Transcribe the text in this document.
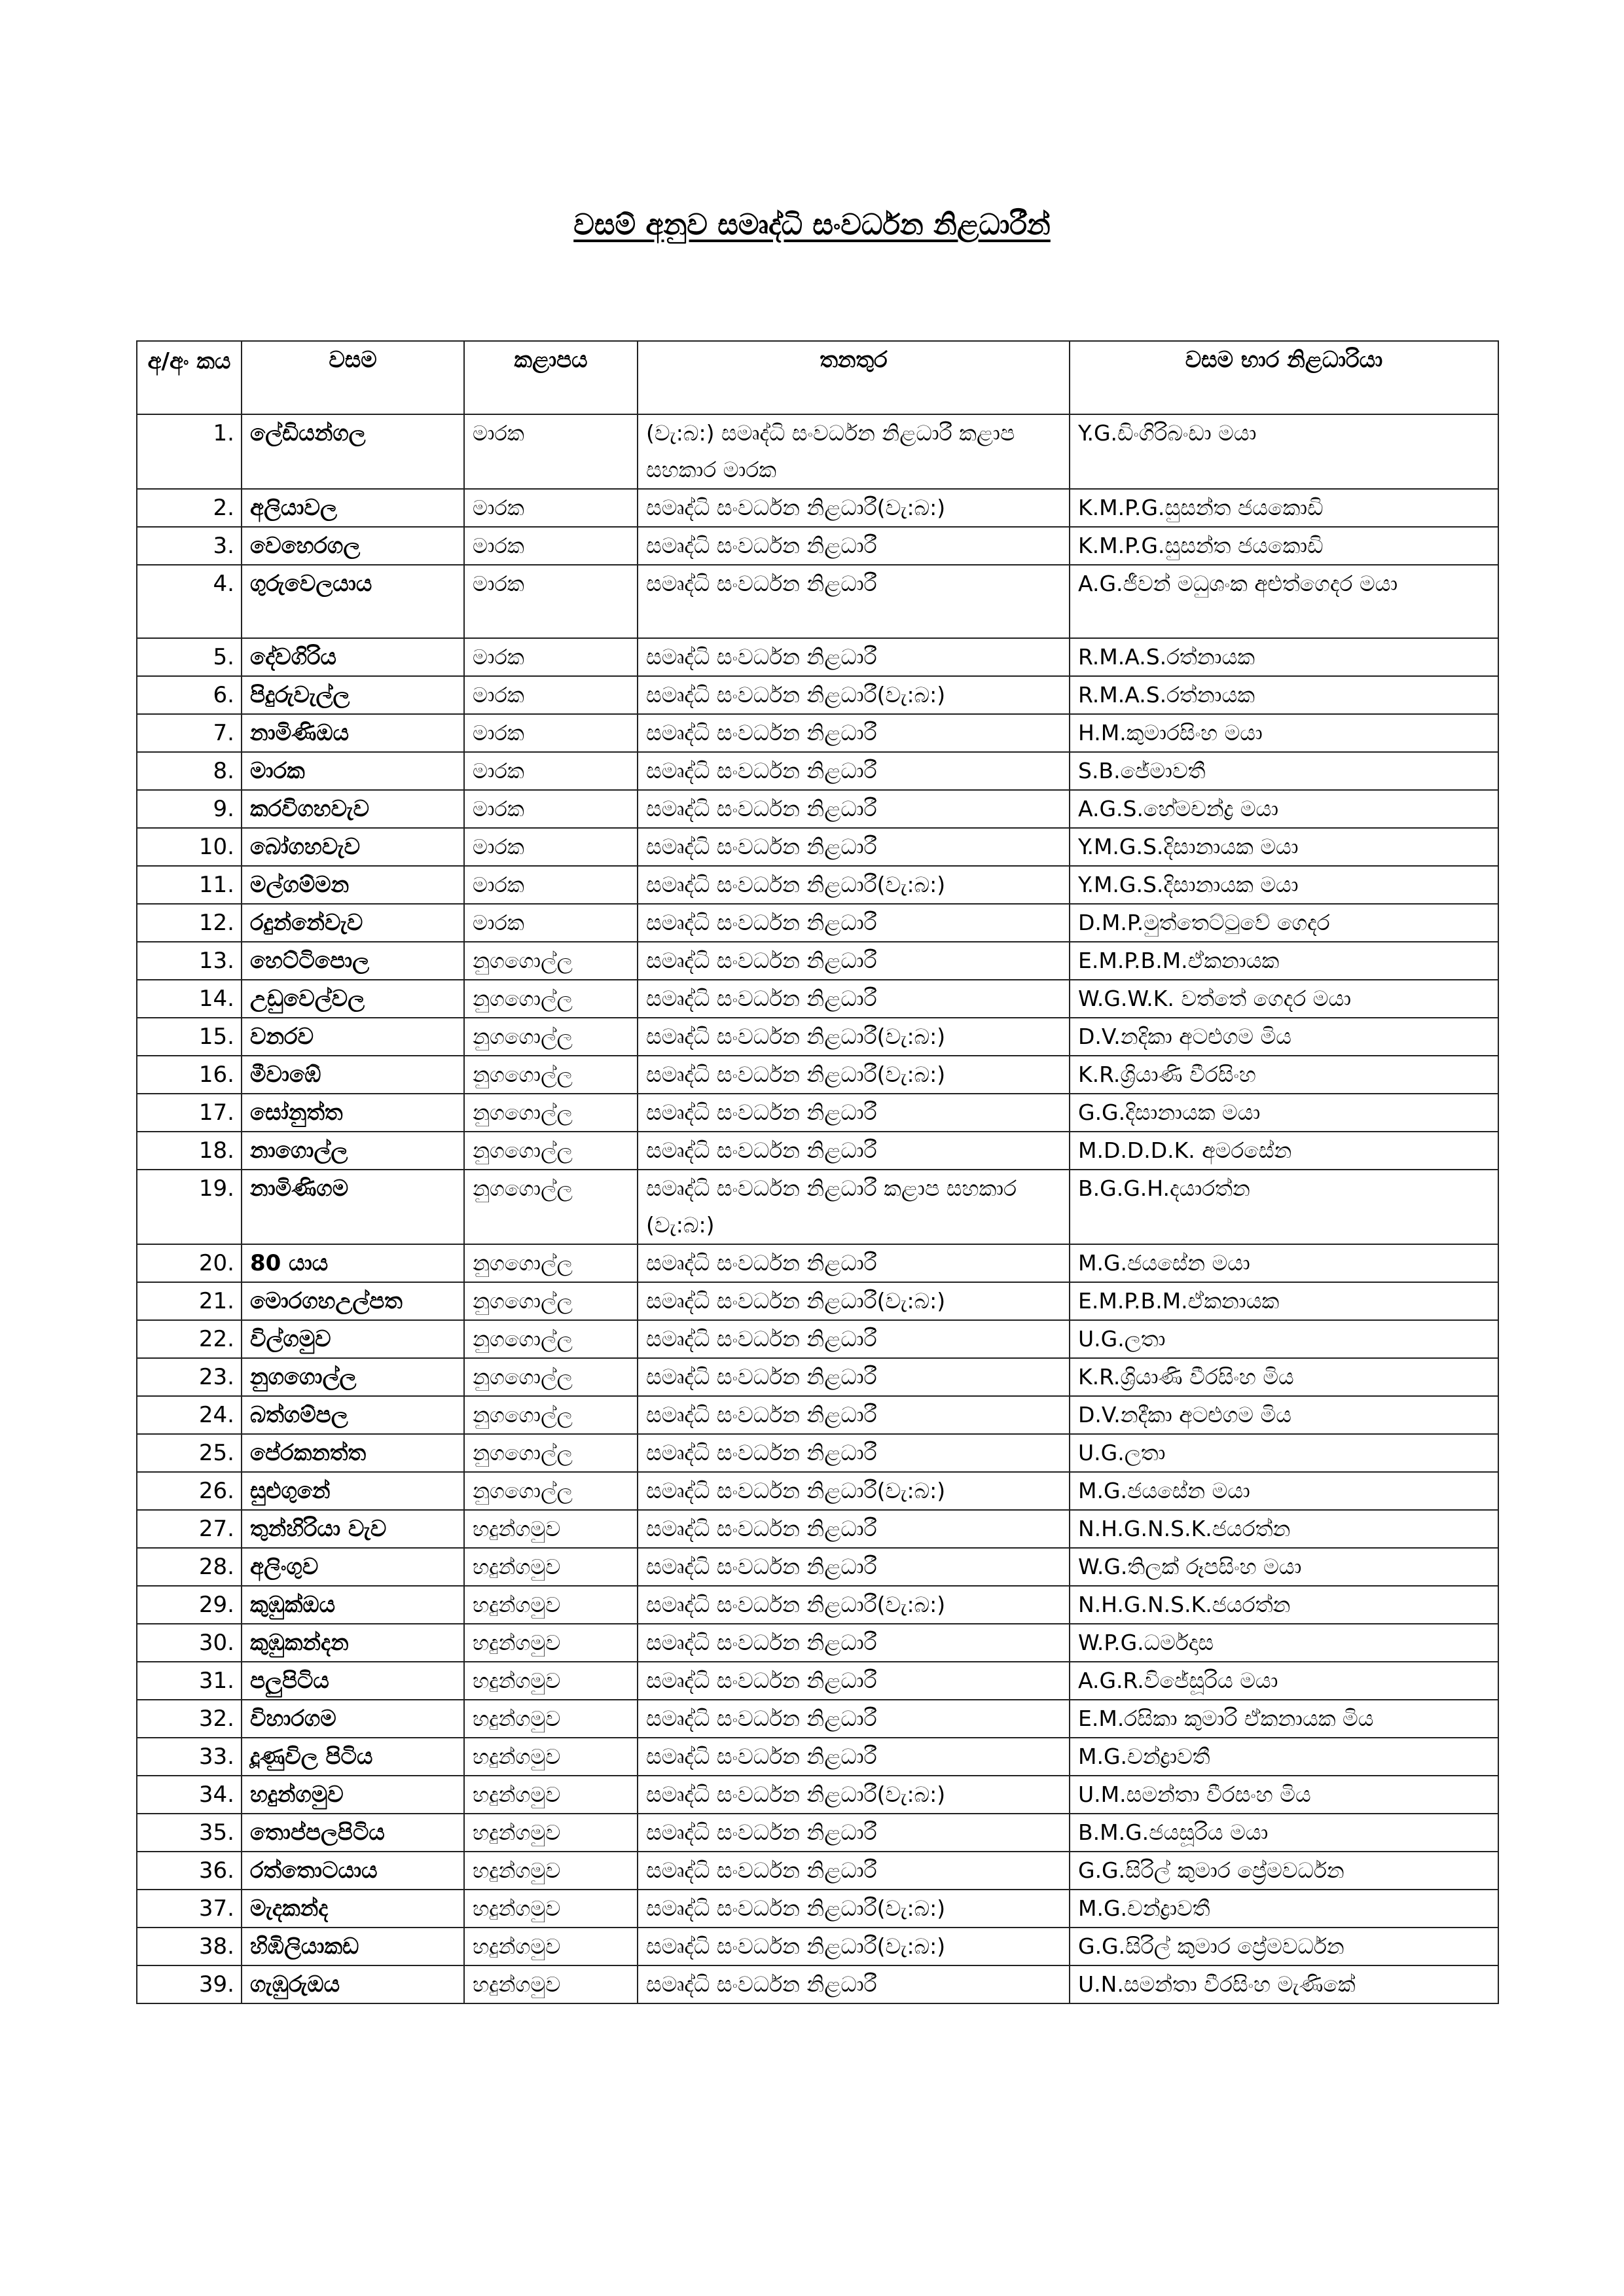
වසම් අනුව සමෘද්ධි සංවර්ධන නිළධාරීන්
අ/අං කය	වසම	කළාපය	තනතුර	වසම භාර නිළධාරියා
1.	ලේඩියන්ගල	මාරක	(වැ:බ:) සමෘද්ධි සංවර්ධන නිළධාරී කළාප සහකාර මාරක	Y.G.ඩිංගිරිබංඩා මයා
2.	අලියාවල	මාරක	සමෘද්ධි සංවර්ධන නිළධාරී(වැ:බ:)	K.M.P.G.සුසන්ත ජයකොඩි
3.	වෙහෙරගල	මාරක	සමෘද්ධි සංවර්ධන නිළධාරී	K.M.P.G.සුසන්ත ජයකොඩි
4.	ගුරුවෙලයාය	මාරක	සමෘද්ධි සංවර්ධන නිළධාරී	A.G.ජීවන් මධුශංක අළුත්ගෙදර මයා
5.	දේවගිරිය	මාරක	සමෘද්ධි සංවර්ධන නිළධාරී	R.M.A.S.රත්නායක
6.	පිදුරුවැල්ල	මාරක	සමෘද්ධි සංවර්ධන නිළධාරී(වැ:බ:)	R.M.A.S.රත්නායක
7.	නාමිණිඔය	මාරක	සමෘද්ධි සංවර්ධන නිළධාරී	H.M.කුමාරසිංහ මයා
8.	මාරක	මාරක	සමෘද්ධි සංවර්ධන නිළධාරී	S.B.ජේමාවතී
9.	කරවිගහවැව	මාරක	සමෘද්ධි සංවර්ධන නිළධාරී	A.G.S.හේමචන්ද්‍ර මයා
10.	බෝගහවැව	මාරක	සමෘද්ධි සංවර්ධන නිළධාරී	Y.M.G.S.දිසානායක මයා
11.	මල්ගම්මන	මාරක	සමෘද්ධි සංවර්ධන නිළධාරී(වැ:බ:)	Y.M.G.S.දිසානායක මයා
12.	රදුන්නේවැව	මාරක	සමෘද්ධි සංවර්ධන නිළධාරී	D.M.P.මුත්තෙට්ටුවේ ගෙදර
13.	හෙට්ටිපොල	නුගගොල්ල	සමෘද්ධි සංවර්ධන නිළධාරී	E.M.P.B.M.ඒකනායක
14.	උඩුවෙල්වල	නුගගොල්ල	සමෘද්ධි සංවර්ධන නිළධාරී	W.G.W.K. වත්තේ ගෙදර මයා
15.	වනරව	නුගගොල්ල	සමෘද්ධි සංවර්ධන නිළධාරී(වැ:බ:)	D.V.නදිකා අටළුගම මිය
16.	මීවාඹේ	නුගගොල්ල	සමෘද්ධි සංවර්ධන නිළධාරී(වැ:බ:)	K.R.ශ්‍රියාණි වීරසිංහ
17.	සෝනුත්ත	නුගගොල්ල	සමෘද්ධි සංවර්ධන නිළධාරී	G.G.දිසානායක මයා
18.	නාගොල්ල	නුගගොල්ල	සමෘද්ධි සංවර්ධන නිළධාරී	M.D.D.D.K. අමරසේන
19.	නාමිණිගම	නුගගොල්ල	සමෘද්ධි සංවර්ධන නිළධාරී කළාප සහකාර (වැ:බ:)	B.G.G.H.දයාරත්න
20.	80 යාය	නුගගොල්ල	සමෘද්ධි සංවර්ධන නිළධාරී	M.G.ජයසේන මයා
21.	මොරගහඋල්පත	නුගගොල්ල	සමෘද්ධි සංවර්ධන නිළධාරී(වැ:බ:)	E.M.P.B.M.ඒකනායක
22.	විල්ගමුව	නුගගොල්ල	සමෘද්ධි සංවර්ධන නිළධාරී	U.G.ලතා
23.	නුගගොල්ල	නුගගොල්ල	සමෘද්ධි සංවර්ධන නිළධාරී	K.R.ශ්‍රියාණි වීරසිංහ මිය
24.	බත්ගම්පල	නුගගොල්ල	සමෘද්ධි සංවර්ධන නිළධාරී	D.V.නදීකා අටළුගම මිය
25.	පේරකනත්ත	නුගගොල්ල	සමෘද්ධි සංවර්ධන නිළධාරී	U.G.ලතා
26.	සුළුගුනේ	නුගගොල්ල	සමෘද්ධි සංවර්ධන නිළධාරී(වැ:බ:)	M.G.ජයසේන මයා
27.	තුන්හිරියා වැව	හදුන්ගමුව	සමෘද්ධි සංවර්ධන නිළධාරී	N.H.G.N.S.K.ජයරත්න
28.	අලිංගුව	හදුන්ගමුව	සමෘද්ධි සංවර්ධන නිළධාරී	W.G.තිලක් රූපසිංහ මයා
29.	කුඹුක්ඔය	හදුන්ගමුව	සමෘද්ධි සංවර්ධන නිළධාරී(වැ:බ:)	N.H.G.N.S.K.ජයරත්න
30.	කුඹුකන්දන	හදුන්ගමුව	සමෘද්ධි සංවර්ධන නිළධාරී	W.P.G.ධර්මදාස
31.	පලුපිටිය	හදුන්ගමුව	සමෘද්ධි සංවර්ධන නිළධාරී	A.G.R.විජේසූරිය මයා
32.	විහාරගම	හදුන්ගමුව	සමෘද්ධි සංවර්ධන නිළධාරී	E.M.රසිකා කුමාරි ඒකනායක මිය
33.	දූණුවිල පිටිය	හදුන්ගමුව	සමෘද්ධි සංවර්ධන නිළධාරී	M.G.චන්ද්‍රාවතී
34.	හදුන්ගමුව	හදුන්ගමුව	සමෘද්ධි සංවර්ධන නිළධාරී(වැ:බ:)	U.M.සමන්තා වීරසංහ මිය
35.	තොප්පලපිටිය	හදුන්ගමුව	සමෘද්ධි සංවර්ධන නිළධාරී	B.M.G.ජයසූරිය මයා
36.	රත්තොටයාය	හදුන්ගමුව	සමෘද්ධි සංවර්ධන නිළධාරී	G.G.සිරිල් කුමාර ප්‍රේමවර්ධන
37.	මැදකන්ද	හදුන්ගමුව	සමෘද්ධි සංවර්ධන නිළධාරී(වැ:බ:)	M.G.චන්ද්‍රාවතී
38.	හිඹිලියාකඩ	හදුන්ගමුව	සමෘද්ධි සංවර්ධන නිළධාරී(වැ:බ:)	G.G.සිරිල් කුමාර ප්‍රේමවර්ධන
39.	ගැඹුරුඔය	හදුන්ගමුව	සමෘද්ධි සංවර්ධන නිළධාරී	U.N.සමන්තා වීරසිංහ මැණිකේ
